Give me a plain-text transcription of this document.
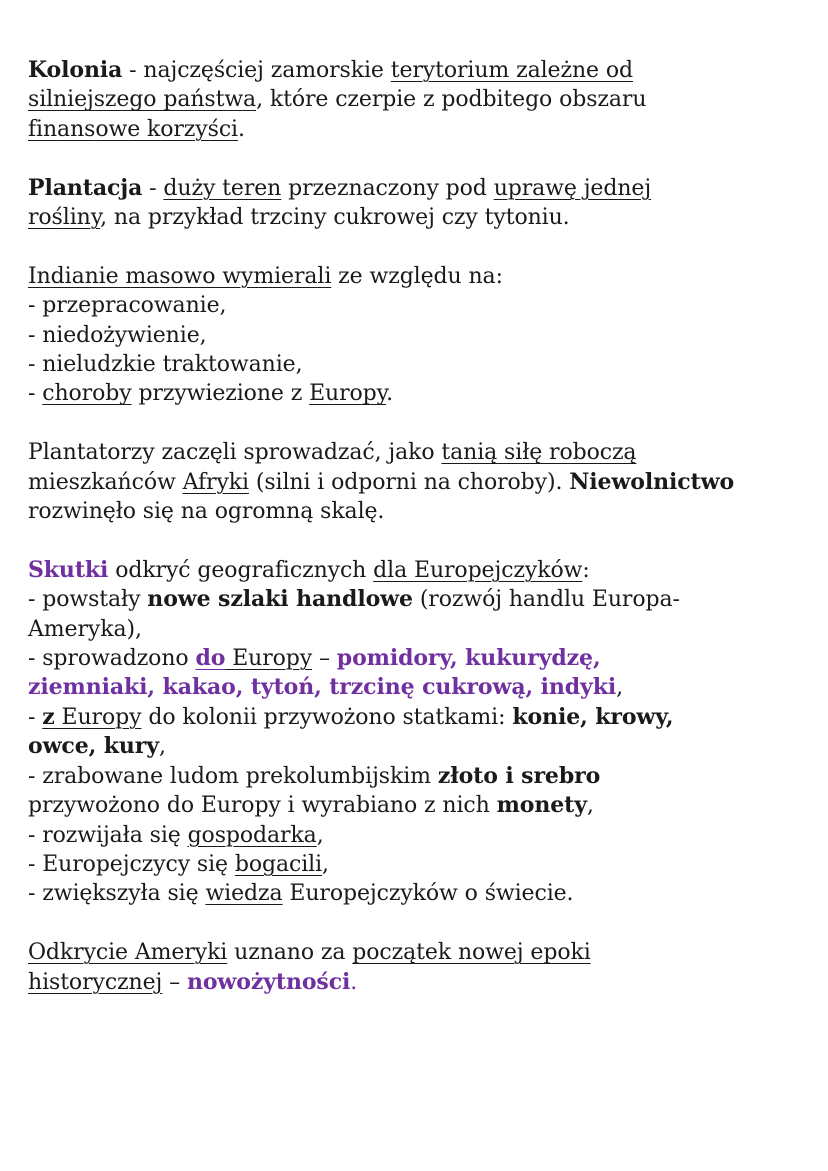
Kolonia - najczęściej zamorskie terytorium zależne od
silniejszego państwa, które czerpie z podbitego obszaru
finansowe korzyści.
Plantacja - duży teren przeznaczony pod uprawę jednej
rośliny, na przykład trzciny cukrowej czy tytoniu.
Indianie masowo wymierali ze względu na:
- przepracowanie,
- niedożywienie,
- nieludzkie traktowanie,
- choroby przywiezione z Europy.
Plantatorzy zaczęli sprowadzać, jako tanią siłę roboczą
mieszkańców Afryki (silni i odporni na choroby). Niewolnictwo
rozwinęło się na ogromną skalę.
Skutki odkryć geograficznych dla Europejczyków:
- powstały nowe szlaki handlowe (rozwój handlu Europa-
Ameryka),
- sprowadzono do Europy – pomidory, kukurydzę,
ziemniaki, kakao, tytoń, trzcinę cukrową, indyki,
- z Europy do kolonii przywożono statkami: konie, krowy,
owce, kury,
- zrabowane ludom prekolumbijskim złoto i srebro
przywożono do Europy i wyrabiano z nich monety,
- rozwijała się gospodarka,
- Europejczycy się bogacili,
- zwiększyła się wiedza Europejczyków o świecie.
Odkrycie Ameryki uznano za początek nowej epoki
historycznej – nowożytności.
